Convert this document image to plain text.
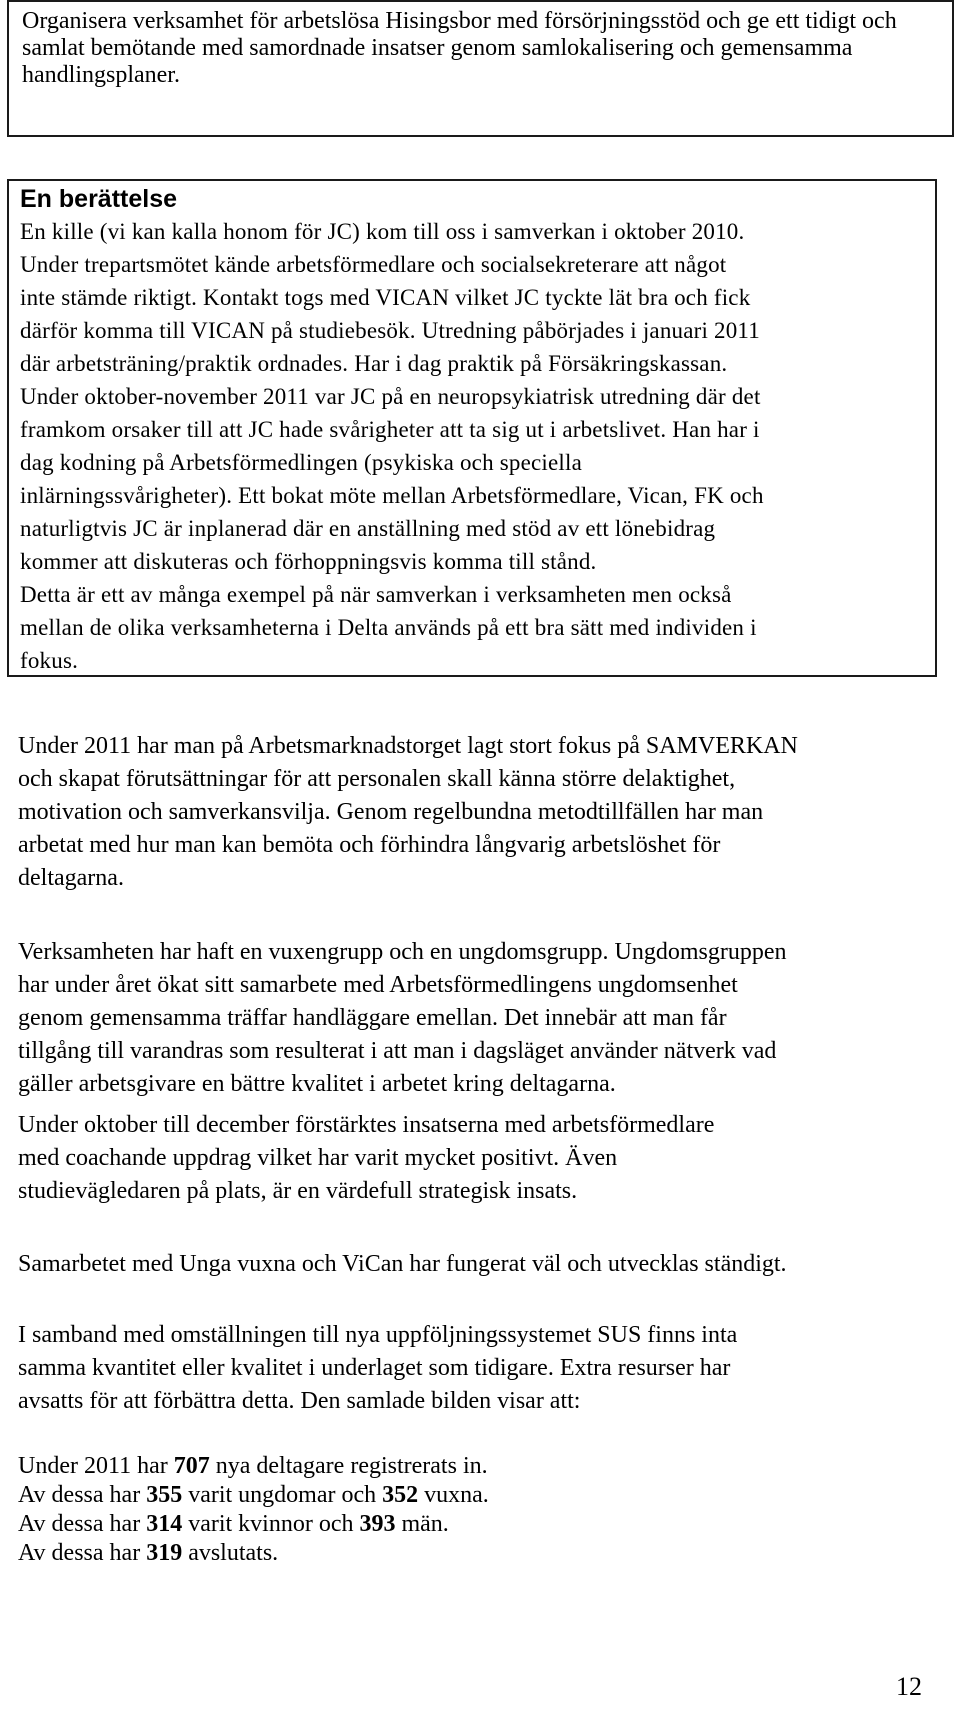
Organisera verksamhet för arbetslösa Hisingsbor med försörjningsstöd och ge ett tidigt och samlat bemötande med samordnade insatser genom samlokalisering och gemensamma handlingsplaner.
En berättelse
En kille (vi kan kalla honom för JC) kom till oss i samverkan i oktober 2010.
Under trepartsmötet kände arbetsförmedlare och socialsekreterare att något
inte stämde riktigt. Kontakt togs med VICAN vilket JC tyckte lät bra och fick
därför komma till VICAN på studiebesök. Utredning påbörjades i januari 2011
där arbetsträning/praktik ordnades. Har i dag praktik på Försäkringskassan.
Under oktober-november 2011 var JC på en neuropsykiatrisk utredning där det
framkom orsaker till att JC hade svårigheter att ta sig ut i arbetslivet. Han har i
dag kodning på Arbetsförmedlingen (psykiska och speciella
inlärningssvårigheter). Ett bokat möte mellan Arbetsförmedlare, Vican, FK och
naturligtvis JC är inplanerad där en anställning med stöd av ett lönebidrag
kommer att diskuteras och förhoppningsvis komma till stånd.
Detta är ett av många exempel på när samverkan i verksamheten men också
mellan de olika verksamheterna i Delta används på ett bra sätt med individen i
fokus.
Under 2011 har man på Arbetsmarknadstorget lagt stort fokus på SAMVERKAN
och skapat förutsättningar för att personalen skall känna större delaktighet,
motivation och samverkansvilja. Genom regelbundna metodtillfällen har man
arbetat med hur man kan bemöta och förhindra långvarig arbetslöshet för
deltagarna.
Verksamheten har haft en vuxengrupp och en ungdomsgrupp. Ungdomsgruppen
har under året ökat sitt samarbete med Arbetsförmedlingens ungdomsenhet
genom gemensamma träffar handläggare emellan. Det innebär att man får
tillgång till varandras som resulterat i att man i dagsläget använder nätverk vad
gäller arbetsgivare en bättre kvalitet i arbetet kring deltagarna.
Under oktober till december förstärktes insatserna med arbetsförmedlare
med coachande uppdrag vilket har varit mycket positivt. Även
studievägledaren på plats, är en värdefull strategisk insats.
Samarbetet med Unga vuxna och ViCan har fungerat väl och utvecklas ständigt.
I samband med omställningen till nya uppföljningssystemet SUS finns inta
samma kvantitet eller kvalitet i underlaget som tidigare. Extra resurser har
avsatts för att förbättra detta. Den samlade bilden visar att:
Under 2011 har 707 nya deltagare registrerats in.
Av dessa har 355 varit ungdomar och 352 vuxna.
Av dessa har 314 varit kvinnor och 393 män.
Av dessa har 319 avslutats.
12
